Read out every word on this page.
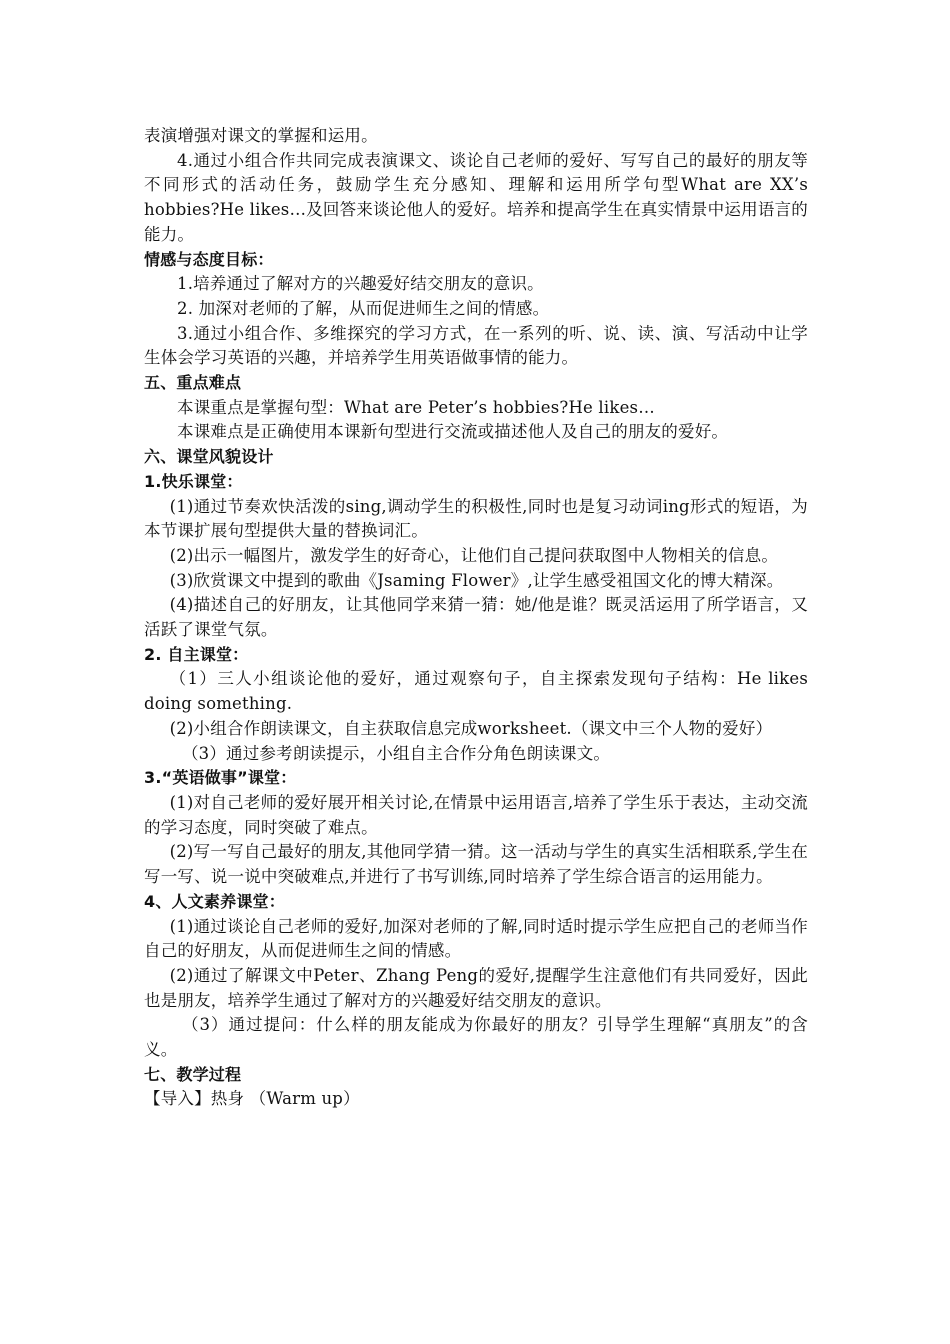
表演增强对课文的掌握和运用。

4.通过小组合作共同完成表演课文、谈论自己老师的爱好、写写自己的最好的朋友等不同形式的活动任务，鼓励学生充分感知、理解和运用所学句型What are XX’s hobbies?He likes…及回答来谈论他人的爱好。培养和提高学生在真实情景中运用语言的能力。

情感与态度目标：

1.培养通过了解对方的兴趣爱好结交朋友的意识。

2. 加深对老师的了解，从而促进师生之间的情感。

3.通过小组合作、多维探究的学习方式，在一系列的听、说、读、演、写活动中让学生体会学习英语的兴趣，并培养学生用英语做事情的能力。

五、重点难点

本课重点是掌握句型：What are Peter’s hobbies?He likes…

本课难点是正确使用本课新句型进行交流或描述他人及自己的朋友的爱好。

六、课堂风貌设计

1.快乐课堂：

(1)通过节奏欢快活泼的sing,调动学生的积极性,同时也是复习动词ing形式的短语，为本节课扩展句型提供大量的替换词汇。

(2)出示一幅图片，激发学生的好奇心，让他们自己提问获取图中人物相关的信息。

(3)欣赏课文中提到的歌曲《Jsaming Flower》,让学生感受祖国文化的博大精深。

(4)描述自己的好朋友，让其他同学来猜一猜：她/他是谁？既灵活运用了所学语言，又活跃了课堂气氛。

2. 自主课堂：

（1）三人小组谈论他的爱好，通过观察句子，自主探索发现句子结构：He likes doing something.

(2)小组合作朗读课文，自主获取信息完成worksheet.（课文中三个人物的爱好）

（3）通过参考朗读提示，小组自主合作分角色朗读课文。

3.“英语做事”课堂：

(1)对自己老师的爱好展开相关讨论,在情景中运用语言,培养了学生乐于表达，主动交流的学习态度，同时突破了难点。

(2)写一写自己最好的朋友,其他同学猜一猜。这一活动与学生的真实生活相联系,学生在写一写、说一说中突破难点,并进行了书写训练,同时培养了学生综合语言的运用能力。

4、人文素养课堂：

(1)通过谈论自己老师的爱好,加深对老师的了解,同时适时提示学生应把自己的老师当作自己的好朋友，从而促进师生之间的情感。

(2)通过了解课文中Peter、Zhang Peng的爱好,提醒学生注意他们有共同爱好，因此也是朋友，培养学生通过了解对方的兴趣爱好结交朋友的意识。

（3）通过提问：什么样的朋友能成为你最好的朋友？引导学生理解“真朋友”的含义。

七、教学过程

【导入】热身 （Warm up）
